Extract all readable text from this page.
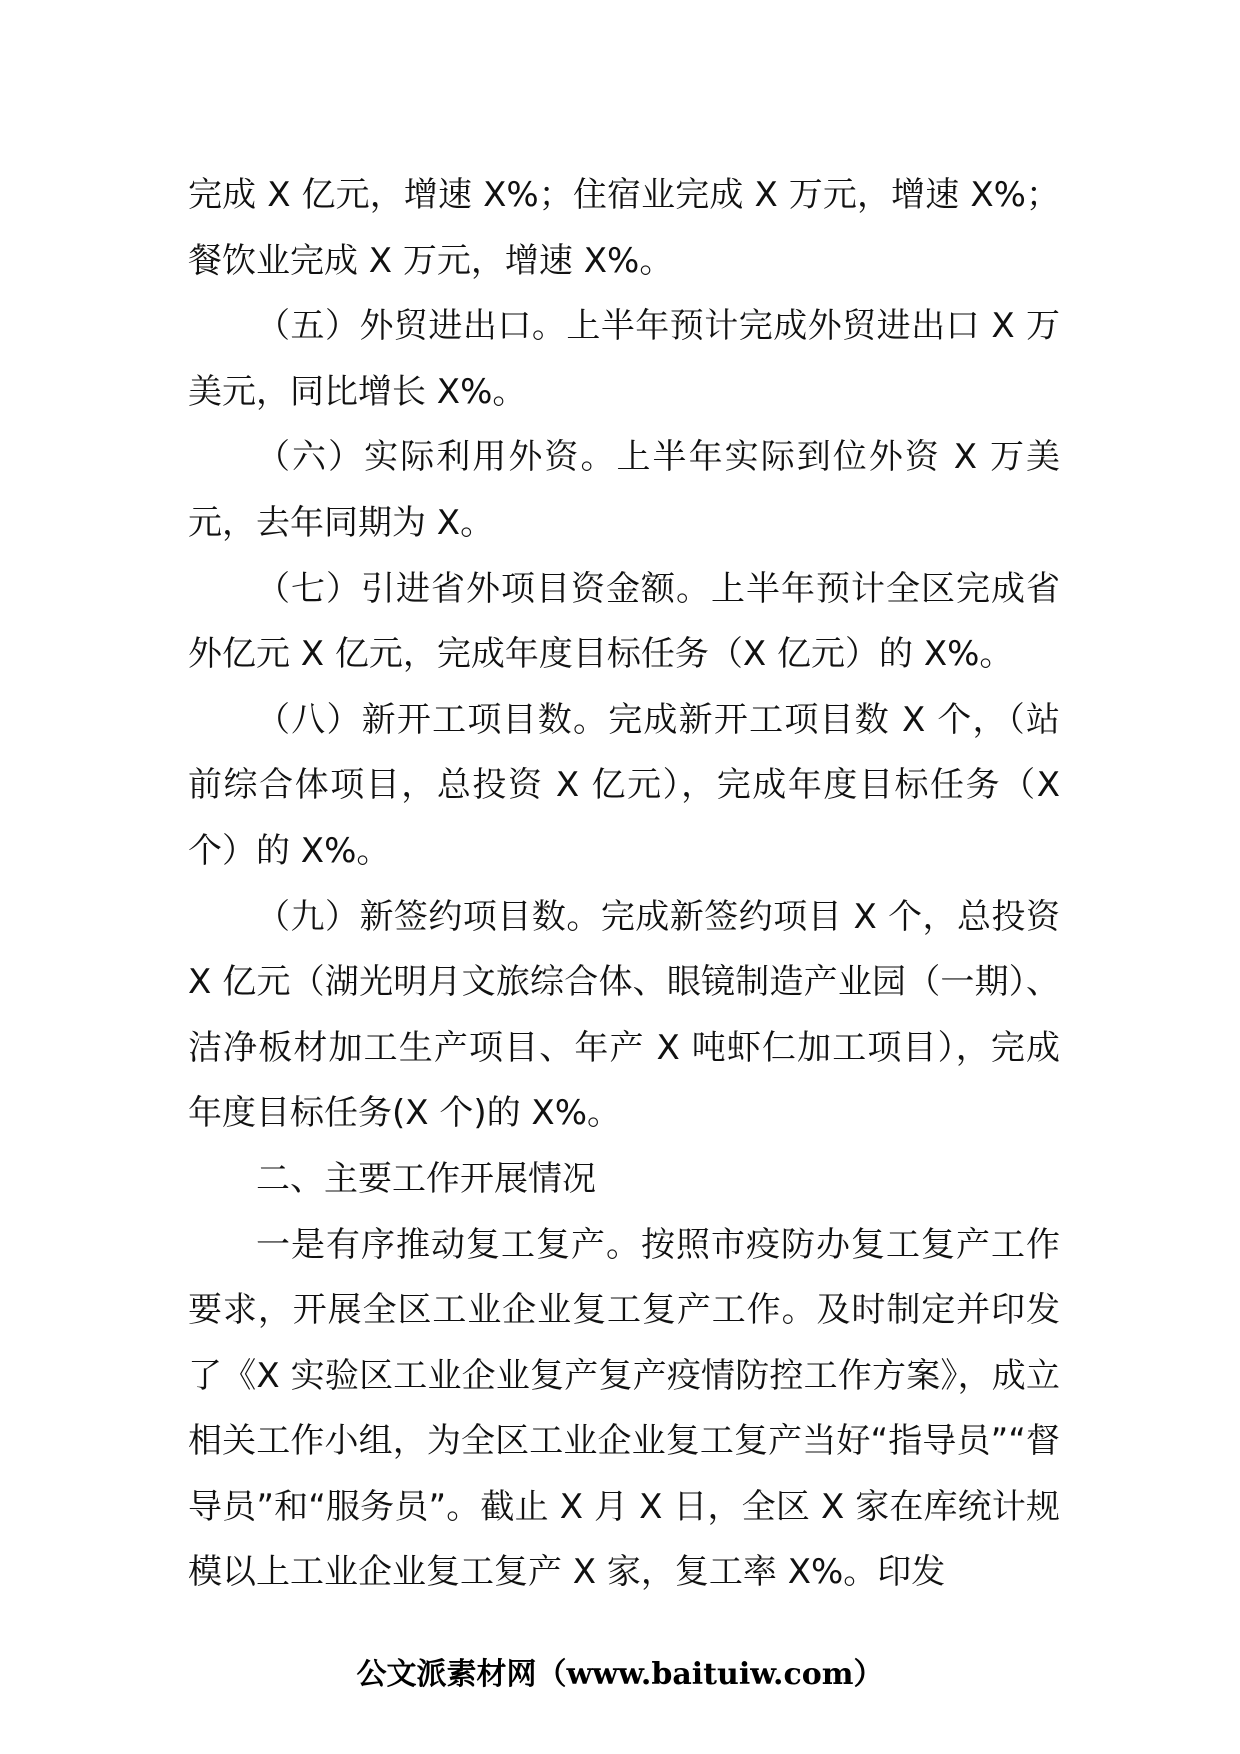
完成 X 亿元，增速 X%；住宿业完成 X 万元，增速 X%；餐饮业完成 X 万元，增速 X%。

（五）外贸进出口。上半年预计完成外贸进出口 X 万美元，同比增长 X%。

（六）实际利用外资。上半年实际到位外资 X 万美元，去年同期为 X。

（七）引进省外项目资金额。上半年预计全区完成省外亿元 X 亿元，完成年度目标任务（X 亿元）的 X%。

（八）新开工项目数。完成新开工项目数 X 个，（站前综合体项目，总投资 X 亿元），完成年度目标任务（X 个）的 X%。

（九）新签约项目数。完成新签约项目 X 个，总投资 X 亿元（湖光明月文旅综合体、眼镜制造产业园（一期）、洁净板材加工生产项目、年产 X 吨虾仁加工项目），完成年度目标任务(X 个)的 X%。

二、主要工作开展情况

一是有序推动复工复产。按照市疫防办复工复产工作要求，开展全区工业企业复工复产工作。及时制定并印发了《X 实验区工业企业复产复产疫情防控工作方案》，成立相关工作小组，为全区工业企业复工复产当好“指导员”“督导员”和“服务员”。截止 X 月 X 日，全区 X 家在库统计规模以上工业企业复工复产 X 家，复工率 X%。印发

公文派素材网（www.baituiw.com）
